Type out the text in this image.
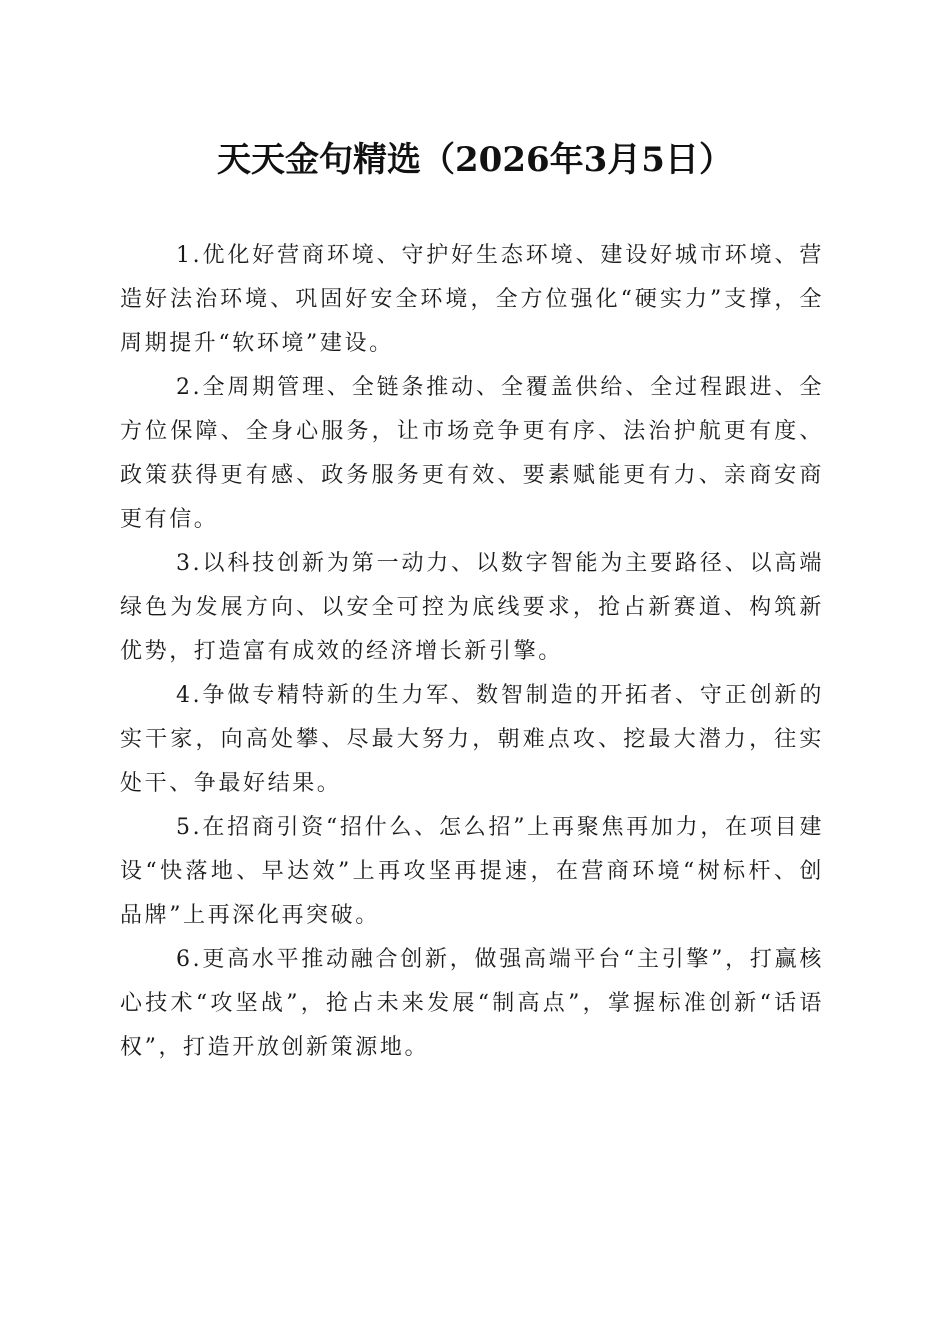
天天金句精选（2026年3月5日）

1.优化好营商环境、守护好生态环境、建设好城市环境、营造好法治环境、巩固好安全环境，全方位强化“硬实力”支撑，全周期提升“软环境”建设。

2.全周期管理、全链条推动、全覆盖供给、全过程跟进、全方位保障、全身心服务，让市场竞争更有序、法治护航更有度、政策获得更有感、政务服务更有效、要素赋能更有力、亲商安商更有信。

3.以科技创新为第一动力、以数字智能为主要路径、以高端绿色为发展方向、以安全可控为底线要求，抢占新赛道、构筑新优势，打造富有成效的经济增长新引擎。

4.争做专精特新的生力军、数智制造的开拓者、守正创新的实干家，向高处攀、尽最大努力，朝难点攻、挖最大潜力，往实处干、争最好结果。

5.在招商引资“招什么、怎么招”上再聚焦再加力，在项目建设“快落地、早达效”上再攻坚再提速，在营商环境“树标杆、创品牌”上再深化再突破。

6.更高水平推动融合创新，做强高端平台“主引擎”，打赢核心技术“攻坚战”，抢占未来发展“制高点”，掌握标准创新“话语权”，打造开放创新策源地。
